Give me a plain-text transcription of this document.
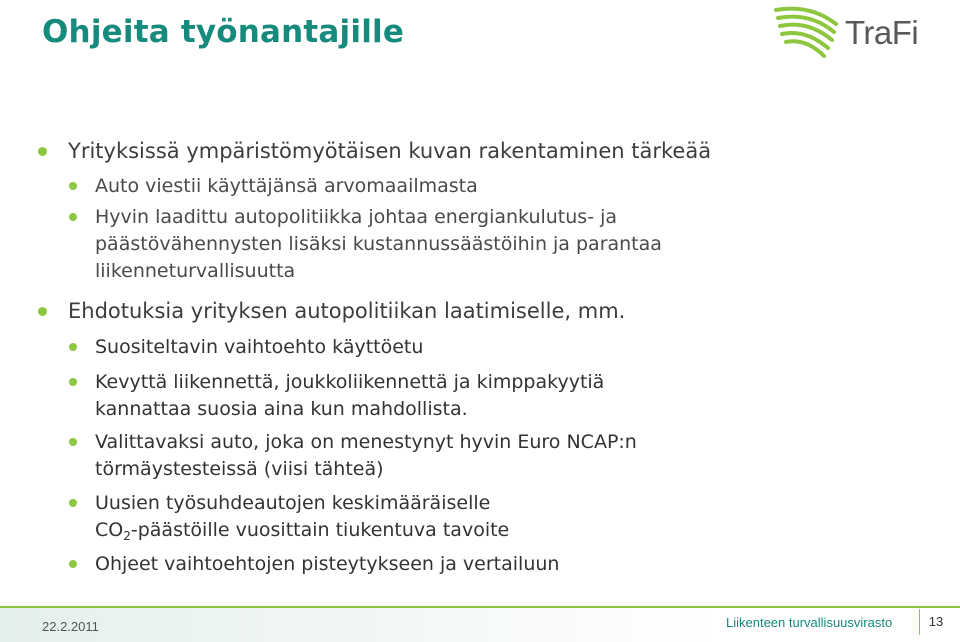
Ohjeita työnantajille	TraFi
Yrityksissä ympäristömyötäisen kuvan rakentaminen tärkeää
Auto viestii käyttäjänsä arvomaailmasta
Hyvin laadittu autopolitiikka johtaa energiankulutus- ja
päästövähennysten lisäksi kustannussäästöihin ja parantaa
liikenneturvallisuutta
Ehdotuksia yrityksen autopolitiikan laatimiselle, mm.
Suositeltavin vaihtoehto käyttöetu
Kevyttä liikennettä, joukkoliikennettä ja kimppakyytiä
kannattaa suosia aina kun mahdollista.
Valittavaksi auto, joka on menestynyt hyvin Euro NCAP:n
törmäystesteissä (viisi tähteä)
Uusien työsuhdeautojen keskimääräiselle
$CO_2$-päästöille vuosittain tiukentuva tavoite
Ohjeet vaihtoehtojen pisteytykseen ja vertailuun
22.2.2011	Liikenteen turvallisuusvirasto	13
